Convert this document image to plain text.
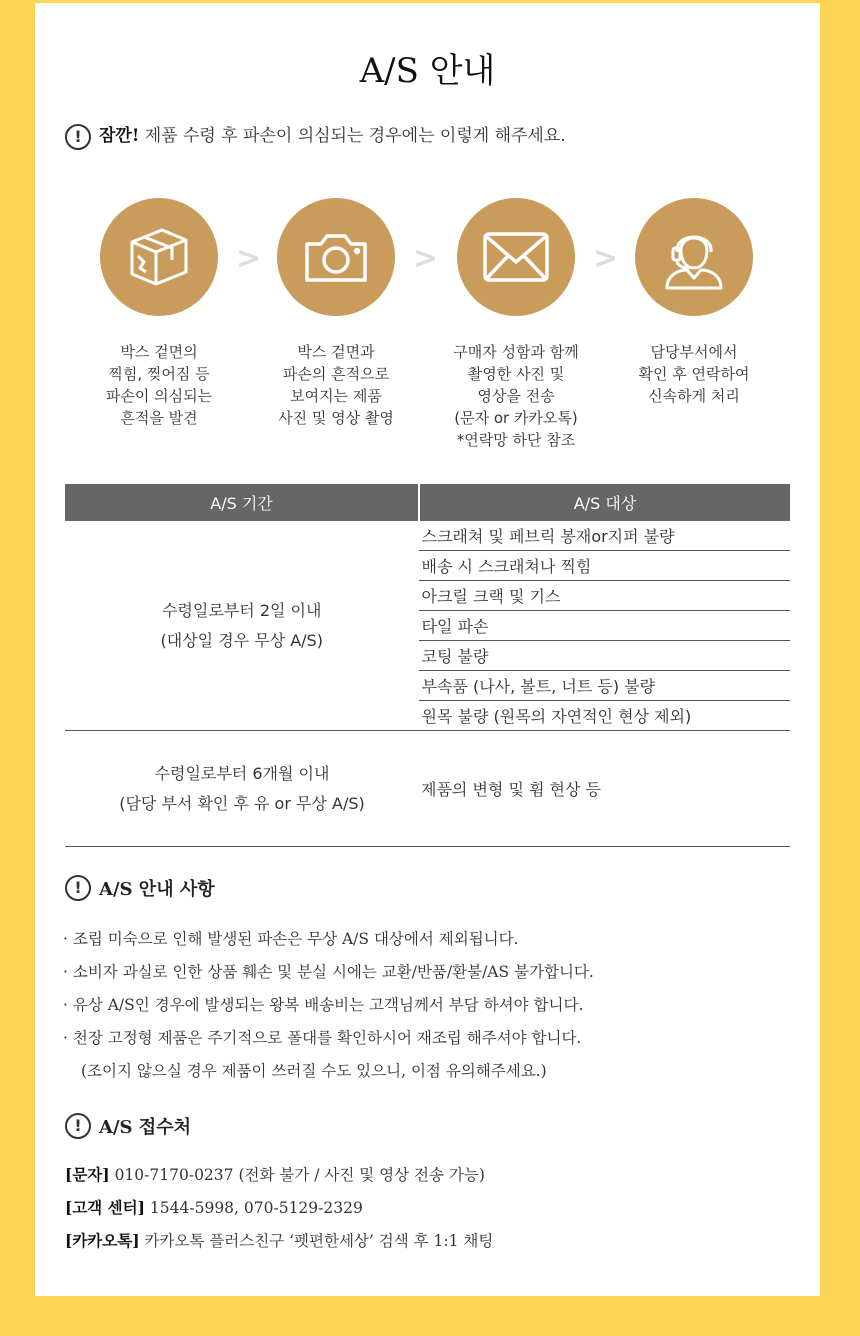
A/S 안내
! 잠깐! 제품 수령 후 파손이 의심되는 경우에는 이렇게 해주세요.
>	>	>
박스 겉면의
찍힘, 찢어짐 등
파손이 의심되는
흔적을 발견
박스 겉면과
파손의 흔적으로
보여지는 제품
사진 및 영상 촬영
구매자 성함과 함께
촬영한 사진 및
영상을 전송
(문자 or 카카오톡)
*연락망 하단 참조
담당부서에서
확인 후 연락하여
신속하게 처리
A/S 기간	A/S 대상

수령일로부터 2일 이내
(대상일 경우 무상 A/S)	스크래쳐 및 페브릭 봉재or지퍼 불량
	배송 시 스크래쳐나 찍힘
	아크릴 크랙 및 기스
	타일 파손
	코팅 불량
	부속품 (나사, 볼트, 너트 등) 불량
	원목 불량 (원목의 자연적인 현상 제외)

수령일로부터 6개월 이내
(담당 부서 확인 후 유 or 무상 A/S)	제품의 변형 및 휨 현상 등
! A/S 안내 사항
· 조립 미숙으로 인해 발생된 파손은 무상 A/S 대상에서 제외됩니다.
· 소비자 과실로 인한 상품 훼손 및 분실 시에는 교환/반품/환불/AS 불가합니다.
· 유상 A/S인 경우에 발생되는 왕복 배송비는 고객님께서 부담 하셔야 합니다.
· 천장 고정형 제품은 주기적으로 폴대를 확인하시어 재조립 해주셔야 합니다.
(조이지 않으실 경우 제품이 쓰러질 수도 있으니, 이점 유의해주세요.)
! A/S 접수처
[문자] 010-7170-0237 (전화 불가 / 사진 및 영상 전송 가능)
[고객 센터] 1544-5998, 070-5129-2329
[카카오톡] 카카오톡 플러스친구 ‘펫편한세상’ 검색 후 1:1 채팅
